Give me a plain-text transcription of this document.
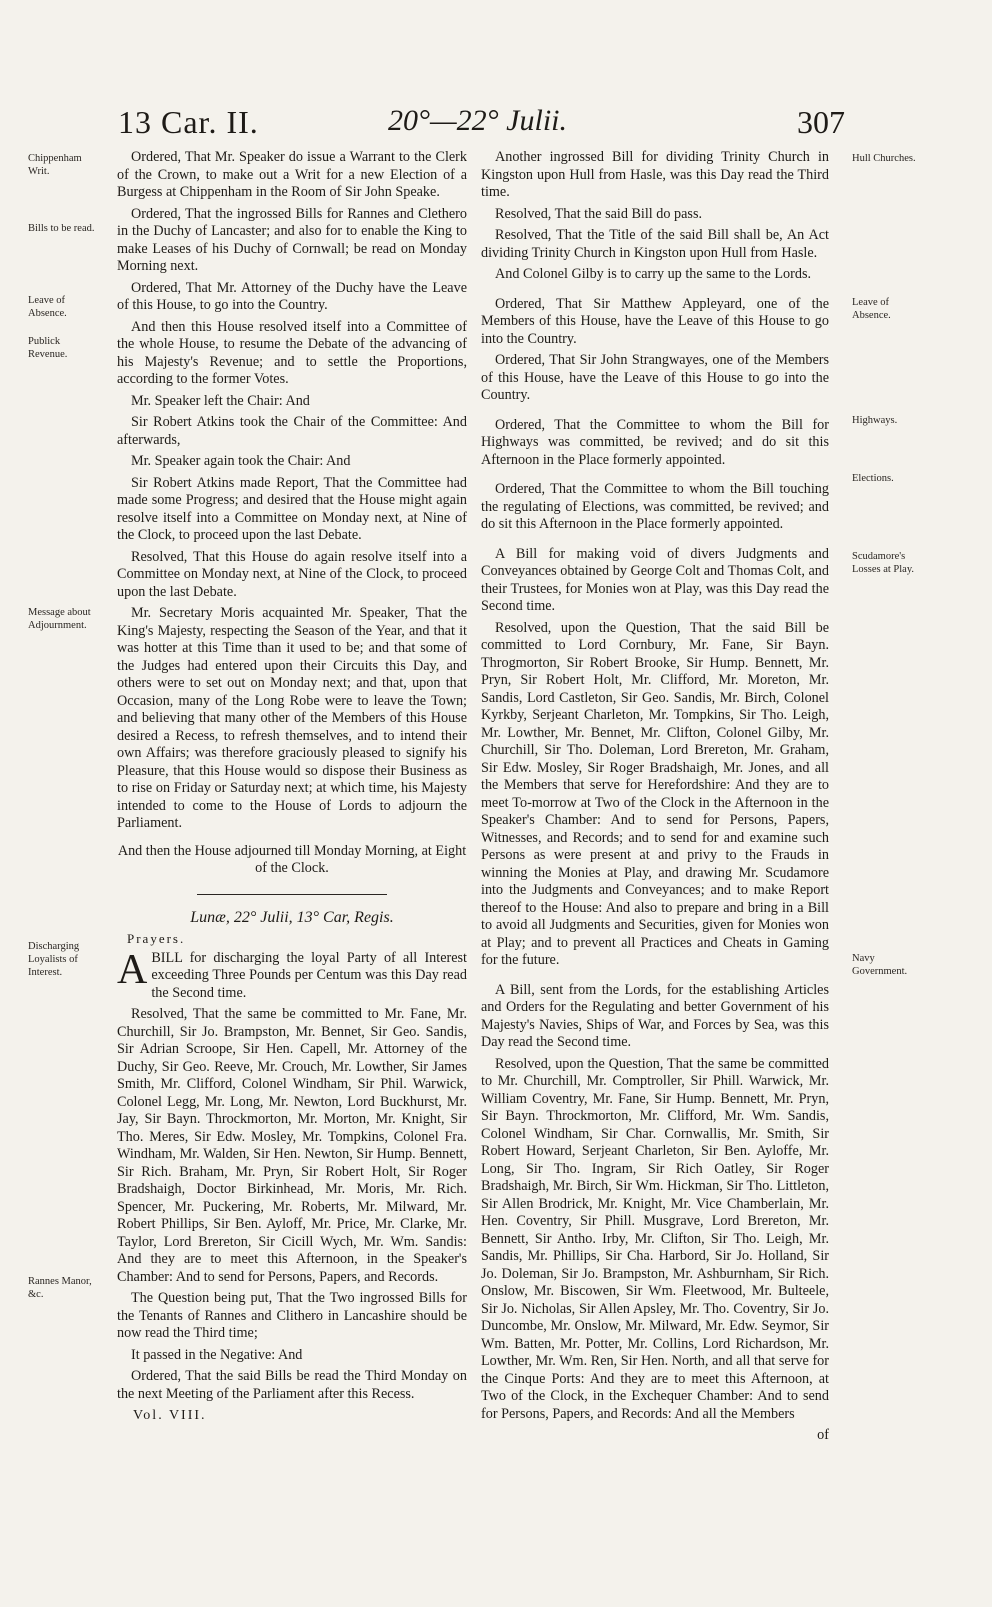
13 Car. II.	20°—22° Julii.	307
Chippenham Writ.
Bills to be read.
Leave of Absence.
Publick Revenue.
Message about Adjournment.
Discharging Loyalists of Interest.
Rannes Manor, &c.
Hull Churches.
Leave of Absence.
Highways.
Elections.
Scudamore's Losses at Play.
Navy Government.

Ordered, That Mr. Speaker do issue a Warrant to the Clerk of the Crown, to make out a Writ for a new Election of a Burgess at Chippenham in the Room of Sir John Speake.

Ordered, That the ingrossed Bills for Rannes and Clethero in the Duchy of Lancaster; and also for to enable the King to make Leases of his Duchy of Cornwall; be read on Monday Morning next.

Ordered, That Mr. Attorney of the Duchy have the Leave of this House, to go into the Country.

And then this House resolved itself into a Committee of the whole House, to resume the Debate of the advancing of his Majesty's Revenue; and to settle the Proportions, according to the former Votes.

Mr. Speaker left the Chair: And

Sir Robert Atkins took the Chair of the Committee: And afterwards,

Mr. Speaker again took the Chair: And

Sir Robert Atkins made Report, That the Committee had made some Progress; and desired that the House might again resolve itself into a Committee on Monday next, at Nine of the Clock, to proceed upon the last Debate.

Resolved, That this House do again resolve itself into a Committee on Monday next, at Nine of the Clock, to proceed upon the last Debate.

Mr. Secretary Moris acquainted Mr. Speaker, That the King's Majesty, respecting the Season of the Year, and that it was hotter at this Time than it used to be; and that some of the Judges had entered upon their Circuits this Day, and others were to set out on Monday next; and that, upon that Occasion, many of the Long Robe were to leave the Town; and believing that many other of the Members of this House desired a Recess, to refresh themselves, and to intend their own Affairs; was therefore graciously pleased to signify his Pleasure, that this House would so dispose their Business as to rise on Friday or Saturday next; at which time, his Majesty intended to come to the House of Lords to adjourn the Parliament.

And then the House adjourned till Monday Morning, at Eight of the Clock.

Lunæ, 22° Julii, 13° Car, Regis.
Prayers.

ABILL for discharging the loyal Party of all Interest exceeding Three Pounds per Centum was this Day read the Second time.

Resolved, That the same be committed to Mr. Fane, Mr. Churchill, Sir Jo. Brampston, Mr. Bennet, Sir Geo. Sandis, Sir Adrian Scroope, Sir Hen. Capell, Mr. Attorney of the Duchy, Sir Geo. Reeve, Mr. Crouch, Mr. Lowther, Sir James Smith, Mr. Clifford, Colonel Windham, Sir Phil. Warwick, Colonel Legg, Mr. Long, Mr. Newton, Lord Buckhurst, Mr. Jay, Sir Bayn. Throckmorton, Mr. Morton, Mr. Knight, Sir Tho. Meres, Sir Edw. Mosley, Mr. Tompkins, Colonel Fra. Windham, Mr. Walden, Sir Hen. Newton, Sir Hump. Bennett, Sir Rich. Braham, Mr. Pryn, Sir Robert Holt, Sir Roger Bradshaigh, Doctor Birkinhead, Mr. Moris, Mr. Rich. Spencer, Mr. Puckering, Mr. Roberts, Mr. Milward, Mr. Robert Phillips, Sir Ben. Ayloff, Mr. Price, Mr. Clarke, Mr. Taylor, Lord Brereton, Sir Cicill Wych, Mr. Wm. Sandis: And they are to meet this Afternoon, in the Speaker's Chamber: And to send for Persons, Papers, and Records.

The Question being put, That the Two ingrossed Bills for the Tenants of Rannes and Clithero in Lancashire should be now read the Third time;

It passed in the Negative: And

Ordered, That the said Bills be read the Third Monday on the next Meeting of the Parliament after this Recess.

Vol. VIII.

Another ingrossed Bill for dividing Trinity Church in Kingston upon Hull from Hasle, was this Day read the Third time.

Resolved, That the said Bill do pass.

Resolved, That the Title of the said Bill shall be, An Act dividing Trinity Church in Kingston upon Hull from Hasle.

And Colonel Gilby is to carry up the same to the Lords.

Ordered, That Sir Matthew Appleyard, one of the Members of this House, have the Leave of this House to go into the Country.

Ordered, That Sir John Strangwayes, one of the Members of this House, have the Leave of this House to go into the Country.

Ordered, That the Committee to whom the Bill for Highways was committed, be revived; and do sit this Afternoon in the Place formerly appointed.

Ordered, That the Committee to whom the Bill touching the regulating of Elections, was committed, be revived; and do sit this Afternoon in the Place formerly appointed.

A Bill for making void of divers Judgments and Conveyances obtained by George Colt and Thomas Colt, and their Trustees, for Monies won at Play, was this Day read the Second time.

Resolved, upon the Question, That the said Bill be committed to Lord Cornbury, Mr. Fane, Sir Bayn. Throgmorton, Sir Robert Brooke, Sir Hump. Bennett, Mr. Pryn, Sir Robert Holt, Mr. Clifford, Mr. Moreton, Mr. Sandis, Lord Castleton, Sir Geo. Sandis, Mr. Birch, Colonel Kyrkby, Serjeant Charleton, Mr. Tompkins, Sir Tho. Leigh, Mr. Lowther, Mr. Bennet, Mr. Clifton, Colonel Gilby, Mr. Churchill, Sir Tho. Doleman, Lord Brereton, Mr. Graham, Sir Edw. Mosley, Sir Roger Bradshaigh, Mr. Jones, and all the Members that serve for Herefordshire: And they are to meet To-morrow at Two of the Clock in the Afternoon in the Speaker's Chamber: And to send for Persons, Papers, Witnesses, and Records; and to send for and examine such Persons as were present at and privy to the Frauds in winning the Monies at Play, and drawing Mr. Scudamore into the Judgments and Conveyances; and to make Report thereof to the House: And also to prepare and bring in a Bill to avoid all Judgments and Securities, given for Monies won at Play; and to prevent all Practices and Cheats in Gaming for the future.

A Bill, sent from the Lords, for the establishing Articles and Orders for the Regulating and better Government of his Majesty's Navies, Ships of War, and Forces by Sea, was this Day read the Second time.

Resolved, upon the Question, That the same be committed to Mr. Churchill, Mr. Comptroller, Sir Phill. Warwick, Mr. William Coventry, Mr. Fane, Sir Hump. Bennett, Mr. Pryn, Sir Bayn. Throckmorton, Mr. Clifford, Mr. Wm. Sandis, Colonel Windham, Sir Char. Cornwallis, Mr. Smith, Sir Robert Howard, Serjeant Charleton, Sir Ben. Ayloffe, Mr. Long, Sir Tho. Ingram, Sir Rich Oatley, Sir Roger Bradshaigh, Mr. Birch, Sir Wm. Hickman, Sir Tho. Littleton, Sir Allen Brodrick, Mr. Knight, Mr. Vice Chamberlain, Mr. Hen. Coventry, Sir Phill. Musgrave, Lord Brereton, Mr. Bennett, Sir Antho. Irby, Mr. Clifton, Sir Tho. Leigh, Mr. Sandis, Mr. Phillips, Sir Cha. Harbord, Sir Jo. Holland, Sir Jo. Doleman, Sir Jo. Brampston, Mr. Ashburnham, Sir Rich. Onslow, Mr. Biscowen, Sir Wm. Fleetwood, Mr. Bulteele, Sir Jo. Nicholas, Sir Allen Apsley, Mr. Tho. Coventry, Sir Jo. Duncombe, Mr. Onslow, Mr. Milward, Mr. Edw. Seymor, Sir Wm. Batten, Mr. Potter, Mr. Collins, Lord Richardson, Mr. Lowther, Mr. Wm. Ren, Sir Hen. North, and all that serve for the Cinque Ports: And they are to meet this Afternoon, at Two of the Clock, in the Exchequer Chamber: And to send for Persons, Papers, and Records: And all the Members

of
